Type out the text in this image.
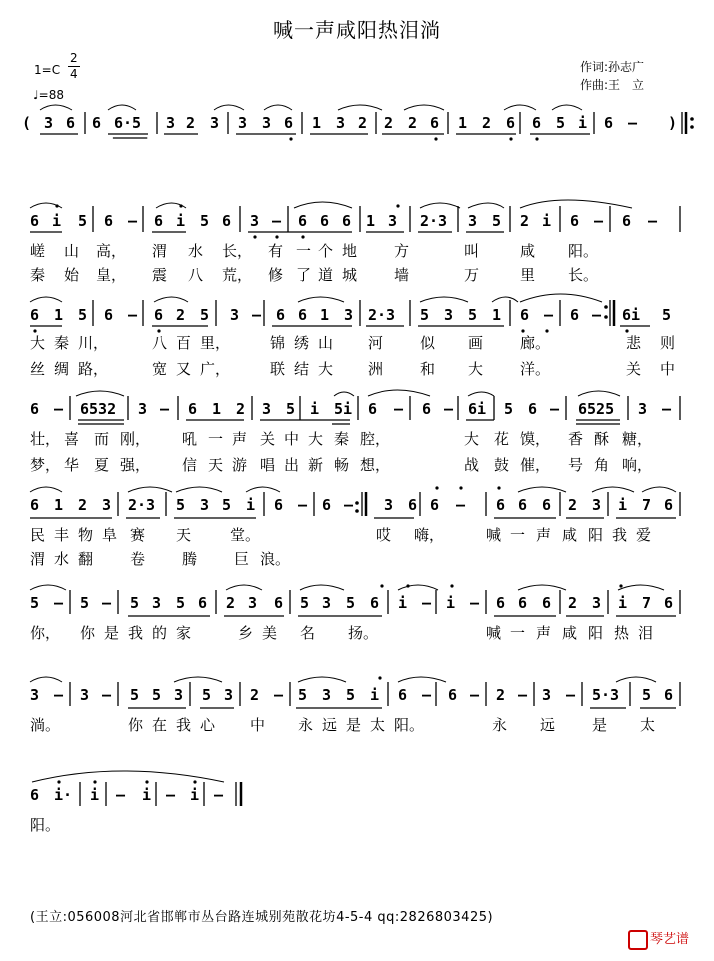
喊一声咸阳热泪淌
1=C
2
4
♩=88
作词:孙志广
作曲:王　立
( 3 6 6 6·5 3 2 3 3 3 6 1 3 2 2 2 6 1 2 6 6 5 i 6 – )
6 i 5 6 – 6 i 5 6 3 – 6 6 6 1 3 2·3 3 5 2 i 6 – 6 –
嵯 山 高， 渭 水 长， 有 一 个 地 方	叫	咸 阳。
秦 始 皇， 震 八 荒， 修 了 道 城 墙	万	里 长。
6 1 5 6 – 6 2 5 3 – 6 6 1 3 2·3 5 3 5 1 6 – 6 – 6i 5
大 秦 川，	八 百 里，	锦 绣 山 河 似 画 廊。	悲 则
丝 绸 路，	宽 又 广，	联 结 大 洲 和 大 洋。	关 中
6 – 6532 3 – 6 1 2 3 5 i 5i 6 – 6 – 6i 5 6 – 6525 3 –
壮， 喜 而 刚， 吼 一 声 关 中 大 秦 腔，	大 花 馍， 香 酥 糖，
梦， 华 夏 强， 信 天 游 唱 出 新 畅 想，	战 鼓 催， 号 角 响，
6 1 2 3 2·3 5 3 5 i 6 – 6 – 3 6 6 – 6 6 6 2 3 i 7 6
民 丰 物 阜 赛 天	堂。	哎 嗨，	喊 一 声 咸 阳 我 爱
渭 水 翻 卷 腾 巨 浪。
5 – 5 – 5 3 5 6 2 3 6 5 3 5 6 i – i – 6 6 6 2 3 i 7 6
你， 你 是 我 的 家	乡 美 名 扬。	喊 一 声 咸 阳 热 泪
3 – 3 – 5 5 3 5 3 2 – 5 3 5 i 6 – 6 – 2 – 3 – 5·3 5 6
淌。	你 在 我 心 中 永 远 是 太 阳。	永 远 是 太
6 i· i – i – i –
阳。
(王立:056008河北省邯郸市丛台路连城别苑散花坊4-5-4 qq:2826803425)
琴艺谱
